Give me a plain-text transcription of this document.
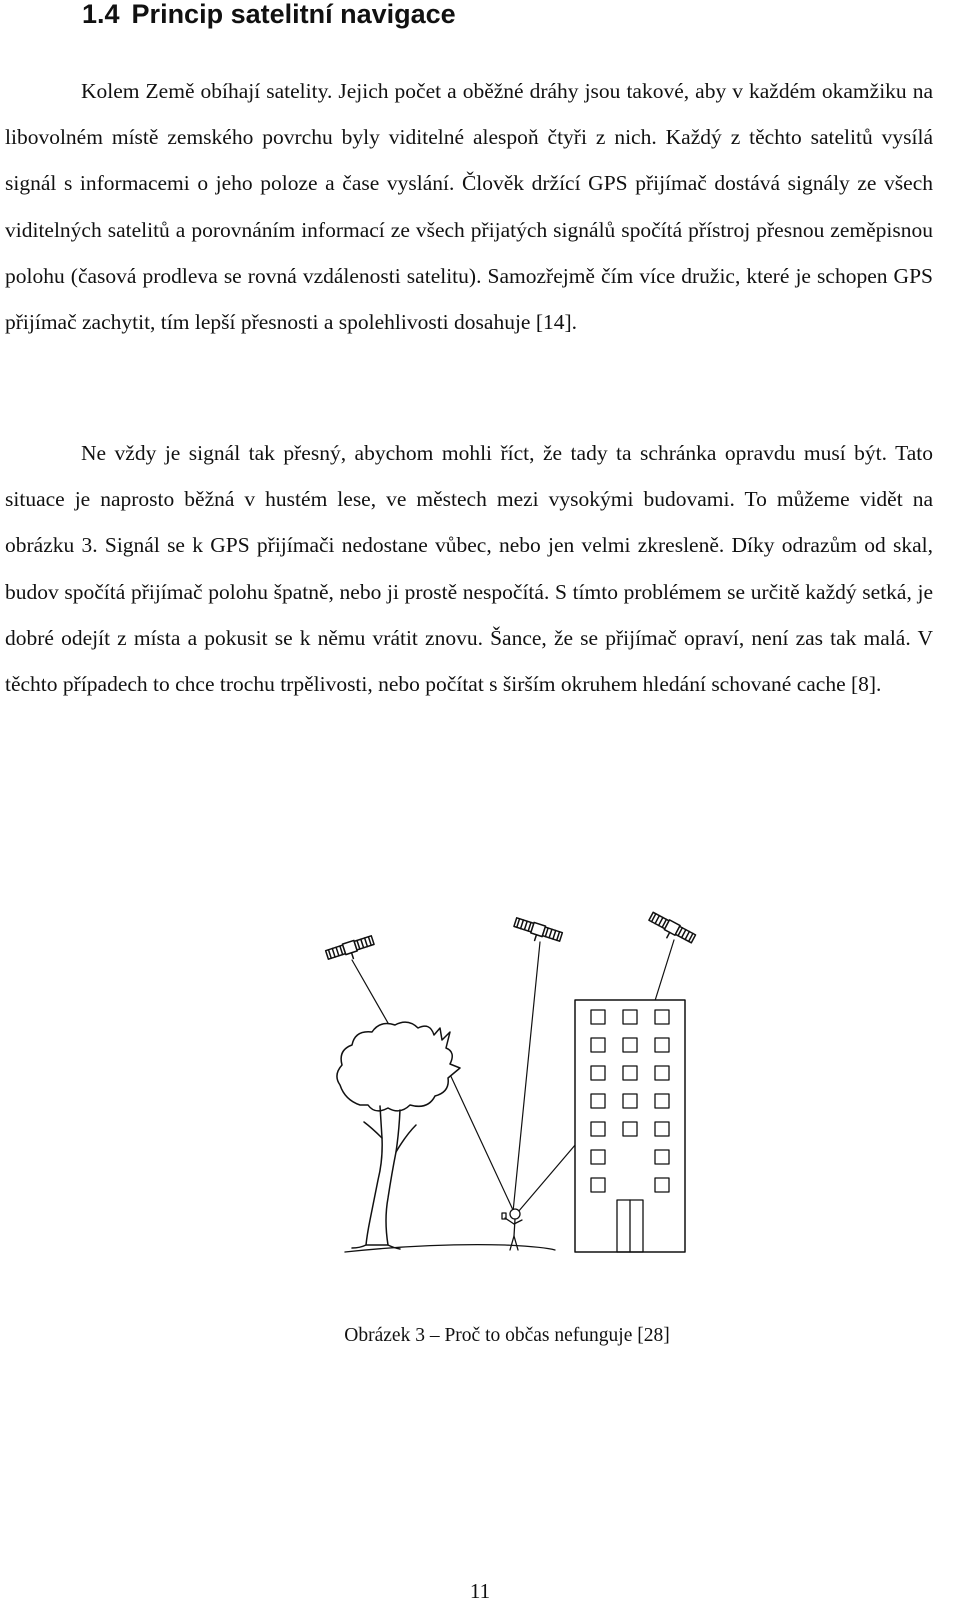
1.4 Princip satelitní navigace

Kolem Země obíhají satelity. Jejich počet a oběžné dráhy jsou takové, aby v každém okamžiku na libovolném místě zemského povrchu byly viditelné alespoň čtyři z nich. Každý z těchto satelitů vysílá signál s informacemi o jeho poloze a čase vyslání. Člověk držící GPS přijímač dostává signály ze všech viditelných satelitů a porovnáním informací ze všech přijatých signálů spočítá přístroj přesnou zeměpisnou polohu (časová prodleva se rovná vzdálenosti satelitu). Samozřejmě čím více družic, které je schopen GPS přijímač zachytit, tím lepší přesnosti a spolehlivosti dosahuje [14].

Ne vždy je signál tak přesný, abychom mohli říct, že tady ta schránka opravdu musí být. Tato situace je naprosto běžná v hustém lese, ve městech mezi vysokými budovami. To můžeme vidět na obrázku 3. Signál se k GPS přijímači nedostane vůbec, nebo jen velmi zkresleně. Díky odrazům od skal, budov spočítá přijímač polohu špatně, nebo ji prostě nespočítá. S tímto problémem se určitě každý setká, je dobré odejít z místa a pokusit se k němu vrátit znovu. Šance, že se přijímač opraví, není zas tak malá. V těchto případech to chce trochu trpělivosti, nebo počítat s širším okruhem hledání schované cache [8].

Obrázek 3 – Proč to občas nefunguje [28]
11
